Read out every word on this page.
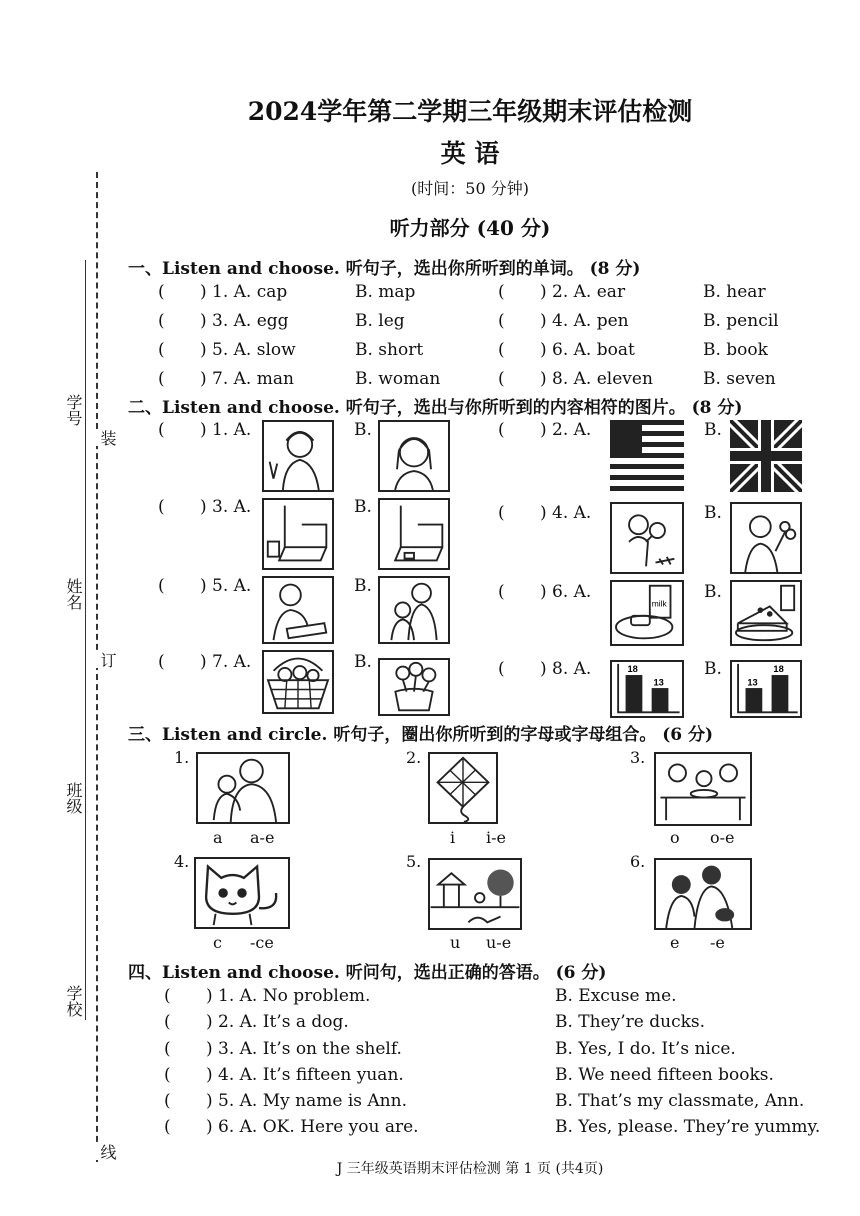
学号
姓名
班级
学校
装
订
线
2024学年第二学期三年级期末评估检测
英 语
(时间：50 分钟)
听力部分 (40 分)
一、Listen and choose. 听句子，选出你所听到的单词。 (8 分)
( ) 1. A. cap	B. map	( ) 2. A. ear	B. hear
( ) 3. A. egg	B. leg	( ) 4. A. pen	B. pencil
( ) 5. A. slow	B. short	( ) 6. A. boat	B. book
( ) 7. A. man	B. woman	( ) 8. A. eleven	B. seven
二、Listen and choose. 听句子，选出与你所听到的内容相符的图片。 (8 分)
( ) 1. A.	B.	( ) 2. A.	B.
( ) 3. A.	B.	( ) 4. A.	B.
( ) 5. A.	B.	( ) 6. A.	B.
( ) 7. A.	B.	( ) 8. A.	B.
milk
18
13	13
18
三、Listen and circle. 听句子，圈出你所听到的字母或字母组合。 (6 分)
1.
a a-e
2.
i i-e
3.
o o-e
4.
c -ce
5.
u u-e
6.
e -e
四、Listen and choose. 听问句，选出正确的答语。 (6 分)
( ) 1. A. No problem.	B. Excuse me.
( ) 2. A. It’s a dog.	B. They’re ducks.
( ) 3. A. It’s on the shelf.	B. Yes, I do. It’s nice.
( ) 4. A. It’s fifteen yuan.	B. We need fifteen books.
( ) 5. A. My name is Ann.	B. That’s my classmate, Ann.
( ) 6. A. OK. Here you are.	B. Yes, please. They’re yummy.
J 三年级英语期末评估检测 第 1 页 (共4页)
